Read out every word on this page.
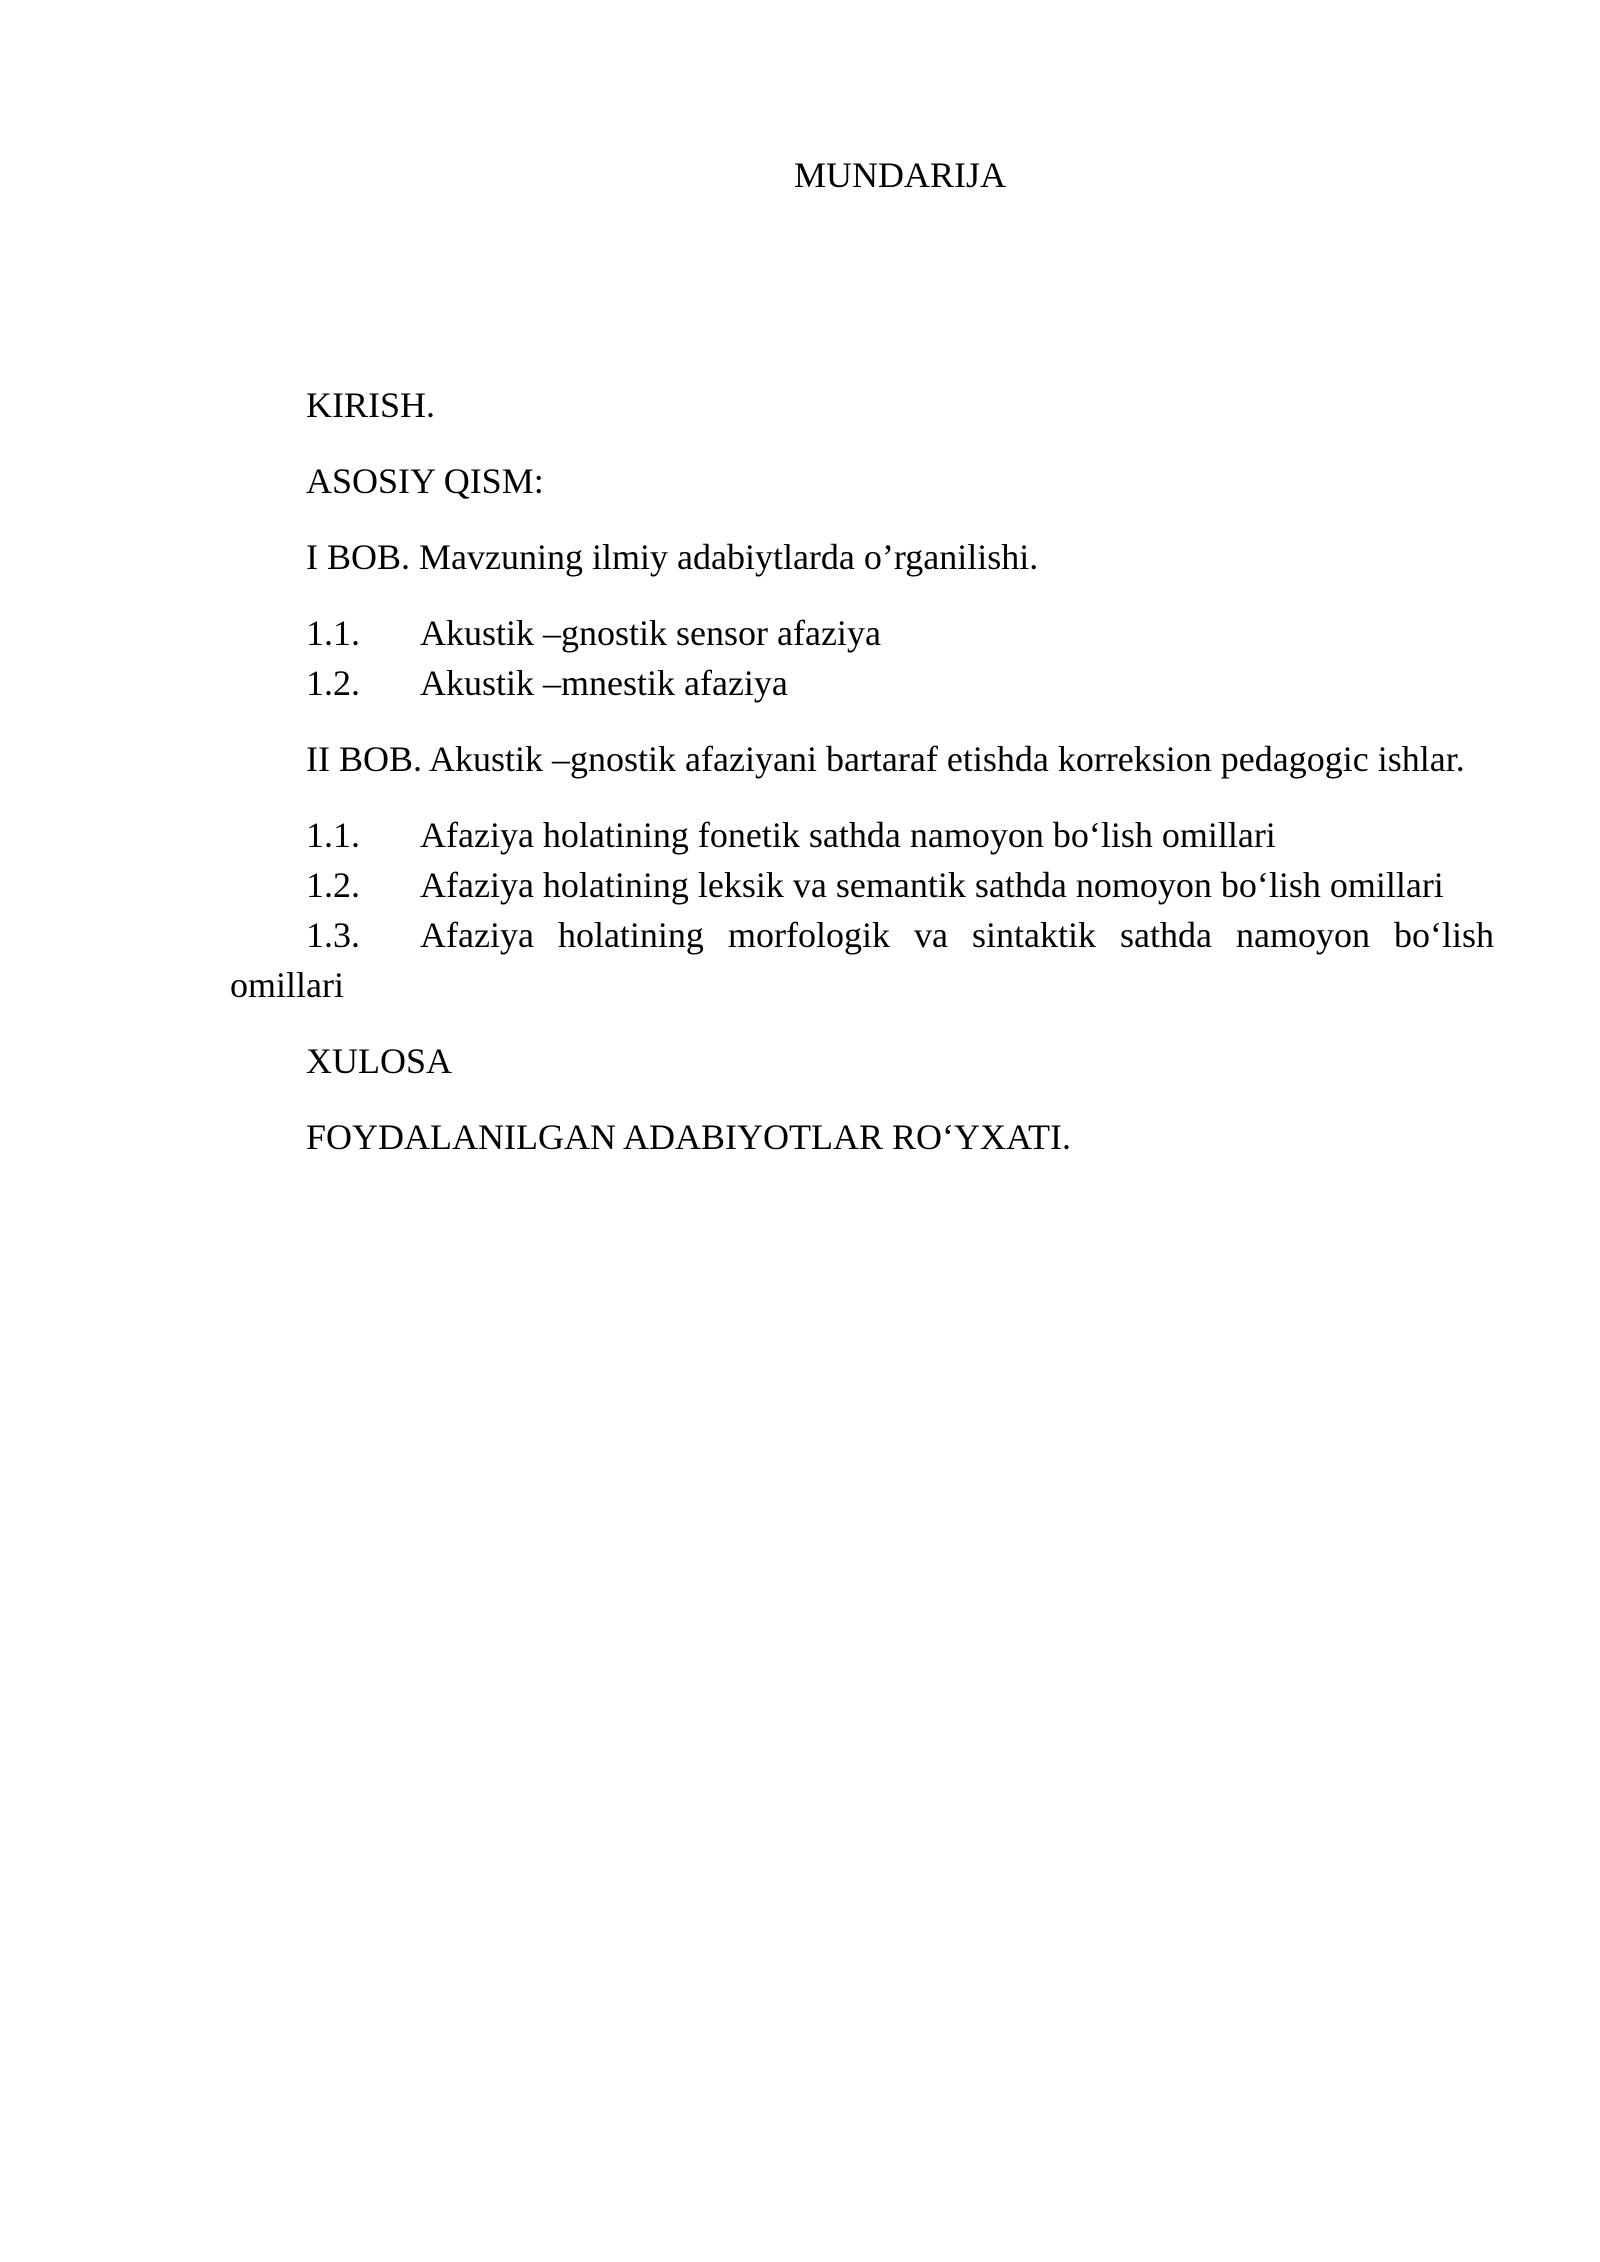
MUNDARIJA

KIRISH.

ASOSIY QISM:

I BOB. Mavzuning ilmiy adabiytlarda o’rganilishi.

1.1. Akustik –gnostik sensor afaziya

1.2. Akustik –mnestik afaziya

II BOB. Akustik –gnostik afaziyani bartaraf etishda korreksion pedagogic ishlar.

1.1. Afaziya holatining fonetik sathda namoyon bo‘lish omillari

1.2. Afaziya holatining leksik va semantik sathda nomoyon bo‘lish omillari

1.3. Afaziya holatining morfologik va sintaktik sathda namoyon bo‘lish omillari

XULOSA

FOYDALANILGAN ADABIYOTLAR RO‘YXATI.
